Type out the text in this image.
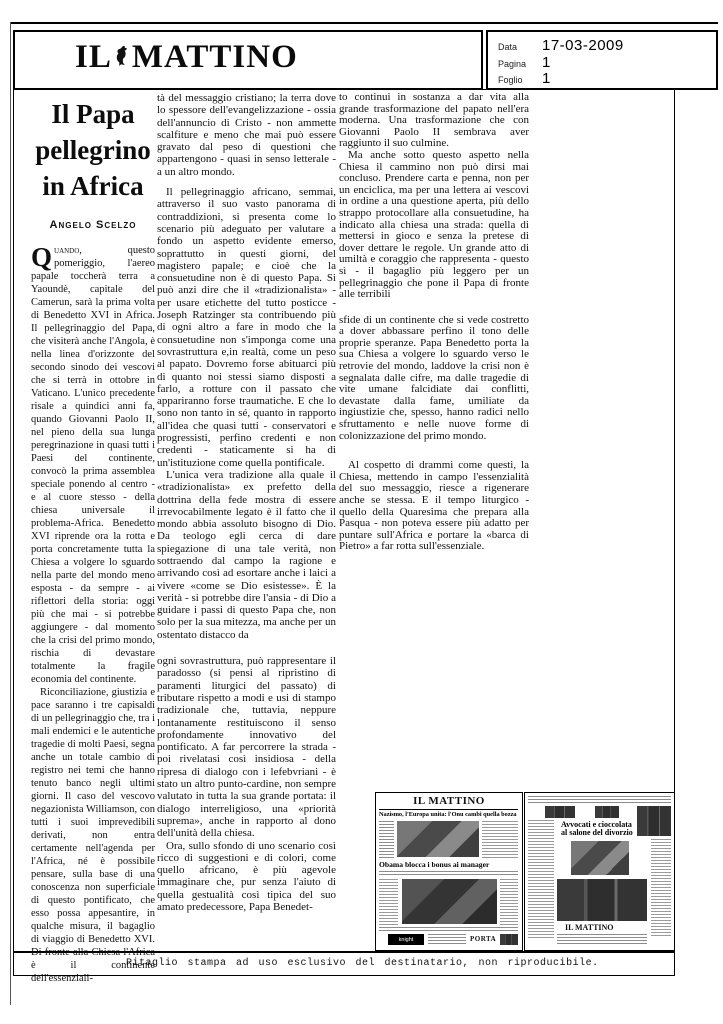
IL MATTINO	Data	17-03-2009
Pagina	1
Foglio	1
Il Papa
pellegrino
in Africa
Angelo Scelzo

Quando, questo pomeriggio, l'aereo papale toccherà terra a Yaoundè, capitale del Camerun, sarà la prima volta di Benedetto XVI in Africa. Il pellegrinaggio del Papa, che visiterà anche l'Angola, è nella linea d'orizzonte del secondo sinodo dei vescovi che si terrà in ottobre in Vaticano. L'unico precedente risale a quindici anni fa, quando Giovanni Paolo II, nel pieno della sua lunga peregrinazione in quasi tutti i Paesi del continente, convocò la prima assemblea speciale ponendo al centro - e al cuore stesso - della chiesa universale il problema-Africa. Benedetto XVI riprende ora la rotta e porta concretamente tutta la Chiesa a volgere lo sguardo nella parte del mondo meno esposta - da sempre - ai riflettori della storia: oggi più che mai - si potrebbe aggiungere - dal momento che la crisi del primo mondo, rischia di devastare totalmente la fragile economia del continente.

Riconciliazione, giustizia e pace saranno i tre capisaldi di un pellegrinaggio che, tra i mali endemici e le autentiche tragedie di molti Paesi, segna anche un totale cambio di registro nei temi che hanno tenuto banco negli ultimi giorni. Il caso del vescovo negazionista Williamson, con tutti i suoi imprevedibili derivati, non entra certamente nell'agenda per l'Africa, né è possibile pensare, sulla base di una conoscenza non superficiale di questo pontificato, che esso possa appesantire, in qualche misura, il bagaglio di viaggio di Benedetto XVI. Di fronte alla Chiesa l'Africa è il continente dell'essenziali-

tà del messaggio cristiano; la terra dove lo spessore dell'evangelizzazione - ossia dell'annuncio di Cristo - non ammette scalfiture e meno che mai può essere gravato dal peso di questioni che appartengono - quasi in senso letterale - a un altro mondo.

Il pellegrinaggio africano, semmai, attraverso il suo vasto panorama di contraddizioni, si presenta come lo scenario più adeguato per valutare a fondo un aspetto evidente emerso, soprattutto in questi giorni, del magistero papale; e cioè che la consuetudine non è di questo Papa. Si può anzi dire che il «tradizionalista» - per usare etichette del tutto posticce - Joseph Ratzinger sta contribuendo più di ogni altro a fare in modo che la consuetudine non s'imponga come una sovrastruttura e,in realtà, come un peso al papato. Dovremo forse abituarci più di quanto noi stessi siamo disposti a farlo, a rotture con il passato che appariranno forse traumatiche. E che lo sono non tanto in sé, quanto in rapporto all'idea che quasi tutti - conservatori e progressisti, perfino credenti e non credenti - staticamente si ha di un'istituzione come quella pontificale.

L'unica vera tradizione alla quale il «tradizionalista» ex prefetto della dottrina della fede mostra di essere irrevocabilmente legato è il fatto che il mondo abbia assoluto bisogno di Dio. Da teologo egli cerca di dare spiegazione di una tale verità, non sottraendo dal campo la ragione e arrivando così ad esortare anche i laici a vivere «come se Dio esistesse». È la verità - si potrebbe dire l'ansia - di Dio a guidare i passi di questo Papa che, non solo per la sua mitezza, ma anche per un ostentato distacco da

ogni sovrastruttura, può rappresentare il paradosso (si pensi al ripristino di paramenti liturgici del passato) di tributare rispetto a modi e usi di stampo tradizionale che, tuttavia, neppure lontanamente restituiscono il senso profondamente innovativo del pontificato. A far percorrere la strada - poi rivelatasi così insidiosa - della ripresa di dialogo con i lefebvriani - è stato un altro punto-cardine, non sempre valutato in tutta la sua grande portata: il dialogo interreligioso, una «priorità suprema», anche in rapporto al dono dell'unità della chiesa.

Ora, sullo sfondo di uno scenario così ricco di suggestioni e di colori, come quello africano, è più agevole immaginare che, pur senza l'aiuto di quella gestualità così tipica del suo amato predecessore, Papa Benedet-

to continui in sostanza a dar vita alla grande trasformazione del papato nell'era moderna. Una trasformazione che con Giovanni Paolo II sembrava aver raggiunto il suo culmine.

Ma anche sotto questo aspetto nella Chiesa il cammino non può dirsi mai concluso. Prendere carta e penna, non per un enciclica, ma per una lettera ai vescovi in ordine a una questione aperta, più dello strappo protocollare alla consuetudine, ha indicato alla chiesa una strada: quella di mettersi in gioco e senza la pretese di dover dettare le regole. Un grande atto di umiltà e coraggio che rappresenta - questo sì - il bagaglio più leggero per un pellegrinaggio che pone il Papa di fronte alle terribili

sfide di un continente che si vede costretto a dover abbassare perfino il tono delle proprie speranze. Papa Benedetto porta la sua Chiesa a volgere lo sguardo verso le retrovie del mondo, laddove la crisi non è segnalata dalle cifre, ma dalle tragedie di vite umane falcidiate dai conflitti, devastate dalla fame, umiliate da ingiustizie che, spesso, hanno radici nello sfruttamento e nelle nuove forme di colonizzazione del primo mondo.

Al cospetto di drammi come questi, la Chiesa, mettendo in campo l'essenzialità del suo messaggio, riesce a rigenerare anche se stessa. E il tempo liturgico - quello della Quaresima che prepara alla Pasqua - non poteva essere più adatto per puntare sull'Africa e portare la «barca di Pietro» a far rotta sull'essenziale.

IL MATTINO
Nazismo, l'Europa unita: l'Onu cambi quella bozza
Obama blocca i bonus ai manager
knight	PORTA
Avvocati e cioccolata
al salone del divorzio
IL MATTINO
Ritaglio stampa ad uso esclusivo del destinatario, non riproducibile.
